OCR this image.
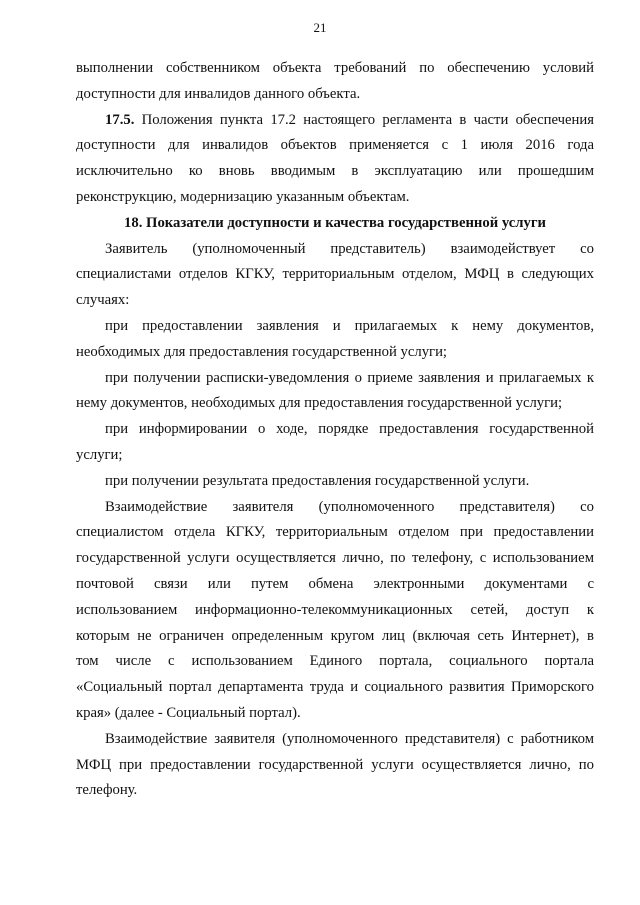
21
выполнении собственником объекта требований по обеспечению условий
доступности для инвалидов данного объекта.
17.5. Положения пункта 17.2 настоящего регламента в части обеспечения
доступности для инвалидов объектов применяется с 1 июля 2016 года
исключительно ко вновь вводимым в эксплуатацию или прошедшим
реконструкцию, модернизацию указанным объектам.
18. Показатели доступности и качества государственной услуги
Заявитель (уполномоченный представитель) взаимодействует со
специалистами отделов КГКУ, территориальным отделом, МФЦ в следующих
случаях:
при предоставлении заявления и прилагаемых к нему документов,
необходимых для предоставления государственной услуги;
при получении расписки-уведомления о приеме заявления и прилагаемых к
нему документов, необходимых для предоставления государственной услуги;
при информировании о ходе, порядке предоставления государственной
услуги;
при получении результата предоставления государственной услуги.
Взаимодействие заявителя (уполномоченного представителя) со
специалистом отдела КГКУ, территориальным отделом при предоставлении
государственной услуги осуществляется лично, по телефону, с использованием
почтовой связи или путем обмена электронными документами с
использованием информационно-телекоммуникационных сетей, доступ к
которым не ограничен определенным кругом лиц (включая сеть Интернет), в
том числе с использованием Единого портала, социального портала
«Социальный портал департамента труда и социального развития Приморского
края» (далее - Социальный портал).
Взаимодействие заявителя (уполномоченного представителя) с работником
МФЦ при предоставлении государственной услуги осуществляется лично, по
телефону.
